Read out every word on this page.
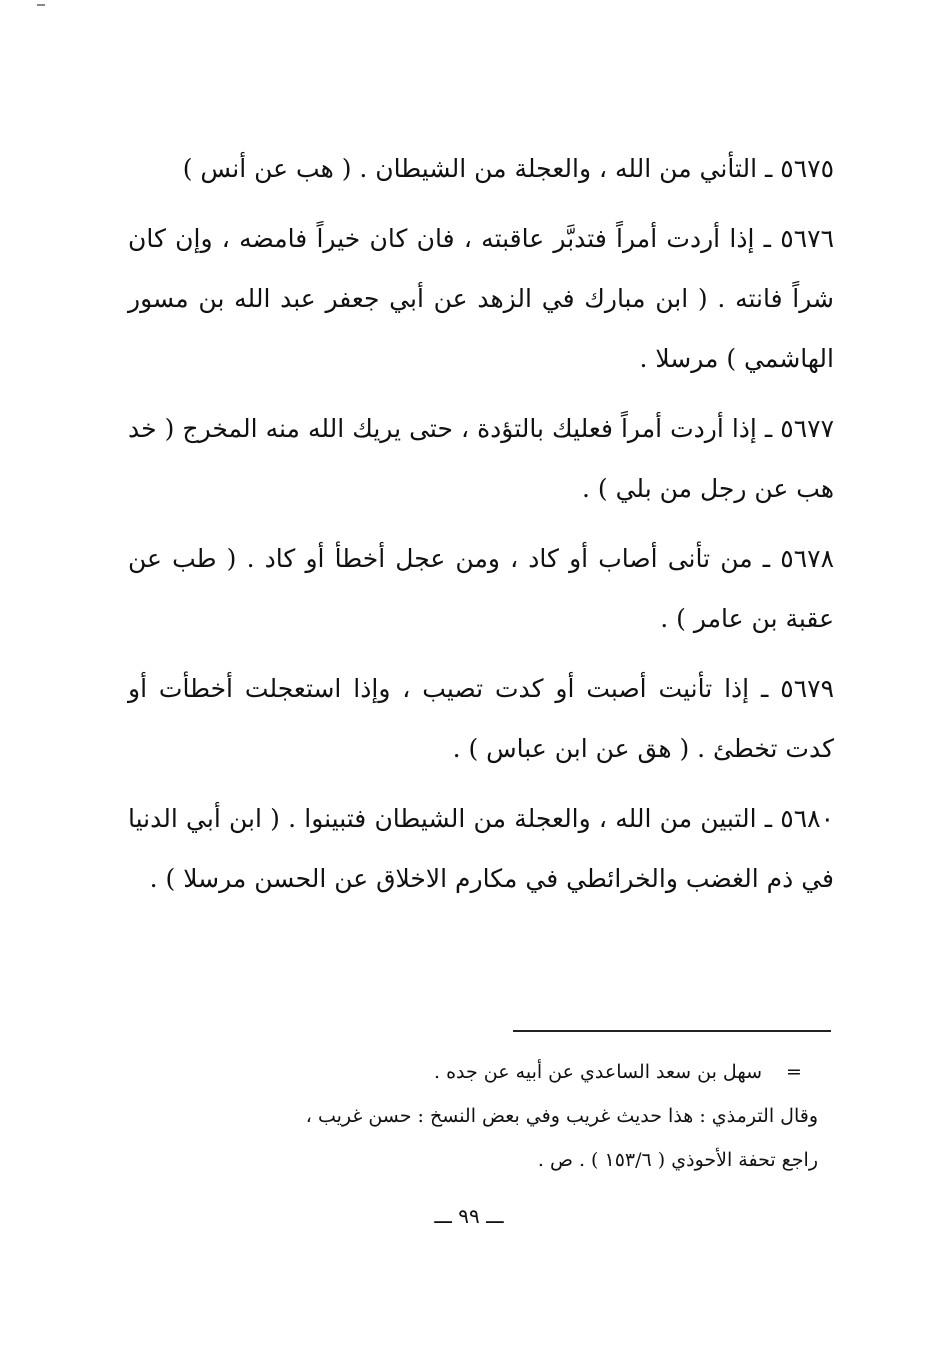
٥٦٧٥ ـ التأني من الله ، والعجلة من الشيطان . ( هب عن أنس )

٥٦٧٦ ـ إذا أردت أمراً فتدبَّر عاقبته ، فان كان خيراً فامضه ، وإن كان شراً فانته . ( ابن مبارك في الزهد عن أبي جعفر عبد الله بن مسور الهاشمي ) مرسلا .

٥٦٧٧ ـ إذا أردت أمراً فعليك بالتؤدة ، حتى يريك الله منه المخرج ( خد هب عن رجل من بلي ) .

٥٦٧٨ ـ من تأنى أصاب أو كاد ، ومن عجل أخطأ أو كاد . ( طب عن عقبة بن عامر ) .

٥٦٧٩ ـ إذا تأنيت أصبت أو كدت تصيب ، وإذا استعجلت أخطأت أو كدت تخطئ . ( هق عن ابن عباس ) .

٥٦٨٠ ـ التبين من الله ، والعجلة من الشيطان فتبينوا . ( ابن أبي الدنيا في ذم الغضب والخرائطي في مكارم الاخلاق عن الحسن مرسلا ) .

=سهل بن سعد الساعدي عن أبيه عن جده .
وقال الترمذي : هذا حديث غريب وفي بعض النسخ : حسن غريب ،
راجع تحفة الأحوذي ( ١٥٣/٦ ) . ص .
ـــ ٩٩ ـــ
